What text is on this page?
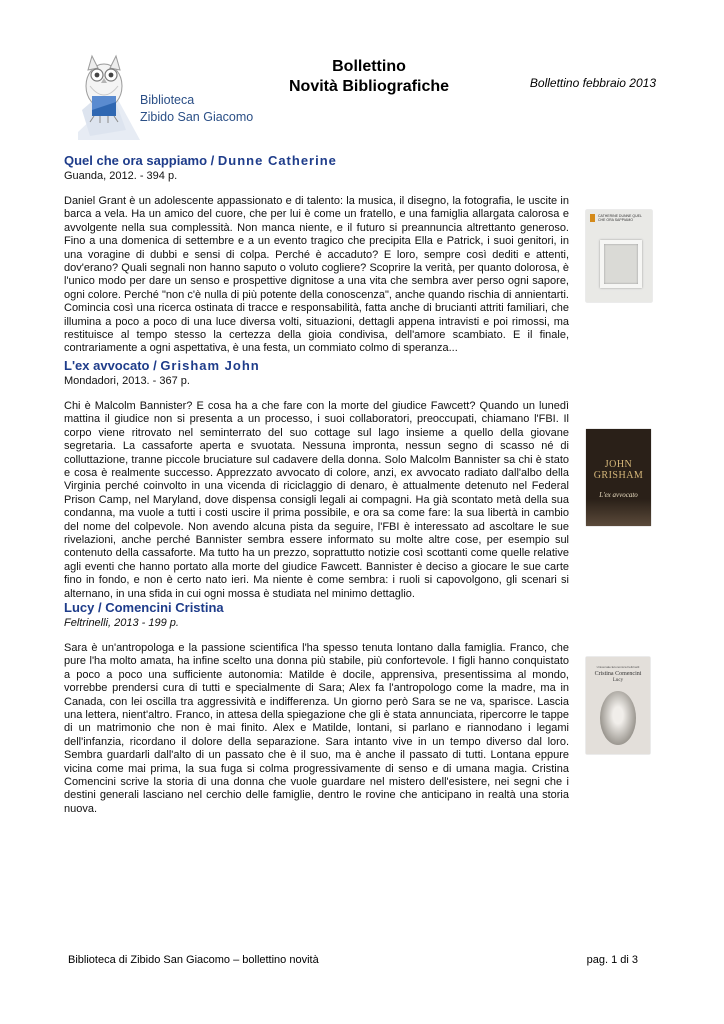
Biblioteca
Zibido San Giacomo
Bollettino
Novità Bibliografiche	Bollettino febbraio 2013

Quel che ora sappiamo / Dunne Catherine

Guanda, 2012. - 394 p.

Daniel Grant è un adolescente appassionato e di talento: la musica, il disegno, la fotografia, le uscite in barca a vela. Ha un amico del cuore, che per lui è come un fratello, e una famiglia allargata calorosa e avvolgente nella sua complessità. Non manca niente, e il futuro si preannuncia altrettanto generoso. Fino a una domenica di settembre e a un evento tragico che precipita Ella e Patrick, i suoi genitori, in una voragine di dubbi e sensi di colpa. Perché è accaduto? E loro, sempre così dediti e attenti, dov'erano? Quali segnali non hanno saputo o voluto cogliere? Scoprire la verità, per quanto dolorosa, è l'unico modo per dare un senso e prospettive dignitose a una vita che sembra aver perso ogni sapore, ogni colore. Perché "non c'è nulla di più potente della conoscenza", anche quando rischia di annientarti. Comincia così una ricerca ostinata di tracce e responsabilità, fatta anche di brucianti attriti familiari, che illumina a poco a poco di una luce diversa volti, situazioni, dettagli appena intravisti e poi rimossi, ma restituisce al tempo stesso la certezza della gioia condivisa, dell'amore scambiato. E il finale, contrariamente a ogni aspettativa, è una festa, un commiato colmo di speranza...

CATHERINE DUNNE QUEL CHE ORA SAPPIAMO

L'ex avvocato / Grisham John

Mondadori, 2013. - 367 p.

Chi è Malcolm Bannister? E cosa ha a che fare con la morte del giudice Fawcett? Quando un lunedì mattina il giudice non si presenta a un processo, i suoi collaboratori, preoccupati, chiamano l'FBI. Il corpo viene ritrovato nel seminterrato del suo cottage sul lago insieme a quello della giovane segretaria. La cassaforte aperta e svuotata. Nessuna impronta, nessun segno di scasso né di colluttazione, tranne piccole bruciature sul cadavere della donna. Solo Malcolm Bannister sa chi è stato e cosa è realmente successo. Apprezzato avvocato di colore, anzi, ex avvocato radiato dall'albo della Virginia perché coinvolto in una vicenda di riciclaggio di denaro, è attualmente detenuto nel Federal Prison Camp, nel Maryland, dove dispensa consigli legali ai compagni. Ha già scontato metà della sua condanna, ma vuole a tutti i costi uscire il prima possibile, e ora sa come fare: la sua libertà in cambio del nome del colpevole. Non avendo alcuna pista da seguire, l'FBI è interessato ad ascoltare le sue rivelazioni, anche perché Bannister sembra essere informato su molte altre cose, per esempio sul contenuto della cassaforte. Ma tutto ha un prezzo, soprattutto notizie così scottanti come quelle relative agli eventi che hanno portato alla morte del giudice Fawcett. Bannister è deciso a giocare le sue carte fino in fondo, e non è certo nato ieri. Ma niente è come sembra: i ruoli si capovolgono, gli scenari si alternano, in una sfida in cui ogni mossa è studiata nel minimo dettaglio.

JOHN
GRISHAM
L'ex avvocato

Lucy / Comencini Cristina

Feltrinelli, 2013 - 199 p.

Sara è un'antropologa e la passione scientifica l'ha spesso tenuta lontano dalla famiglia. Franco, che pure l'ha molto amata, ha infine scelto una donna più stabile, più confortevole. I figli hanno conquistato a poco a poco una sufficiente autonomia: Matilde è docile, apprensiva, presentissima al mondo, vorrebbe prendersi cura di tutti e specialmente di Sara; Alex fa l'antropologo come la madre, ma in Canada, con lei oscilla tra aggressività e indifferenza. Un giorno però Sara se ne va, sparisce. Lascia una lettera, nient'altro. Franco, in attesa della spiegazione che gli è stata annunciata, ripercorre le tappe di un matrimonio che non è mai finito. Alex e Matilde, lontani, si parlano e riannodano i legami dell'infanzia, ricordano il dolore della separazione. Sara intanto vive in un tempo diverso dal loro. Sembra guardarli dall'alto di un passato che è il suo, ma è anche il passato di tutti. Lontana eppure vicina come mai prima, la sua fuga si colma progressivamente di senso e di umana magia. Cristina Comencini scrive la storia di una donna che vuole guardare nel mistero dell'esistere, nei segni che i destini generali lasciano nel cerchio delle famiglie, dentro le rovine che anticipano in realtà una storia nuova.

Universale Economica Feltrinelli
Cristina Comencini
Lucy
Biblioteca di Zibido San Giacomo – bollettino novità	pag. 1 di 3
